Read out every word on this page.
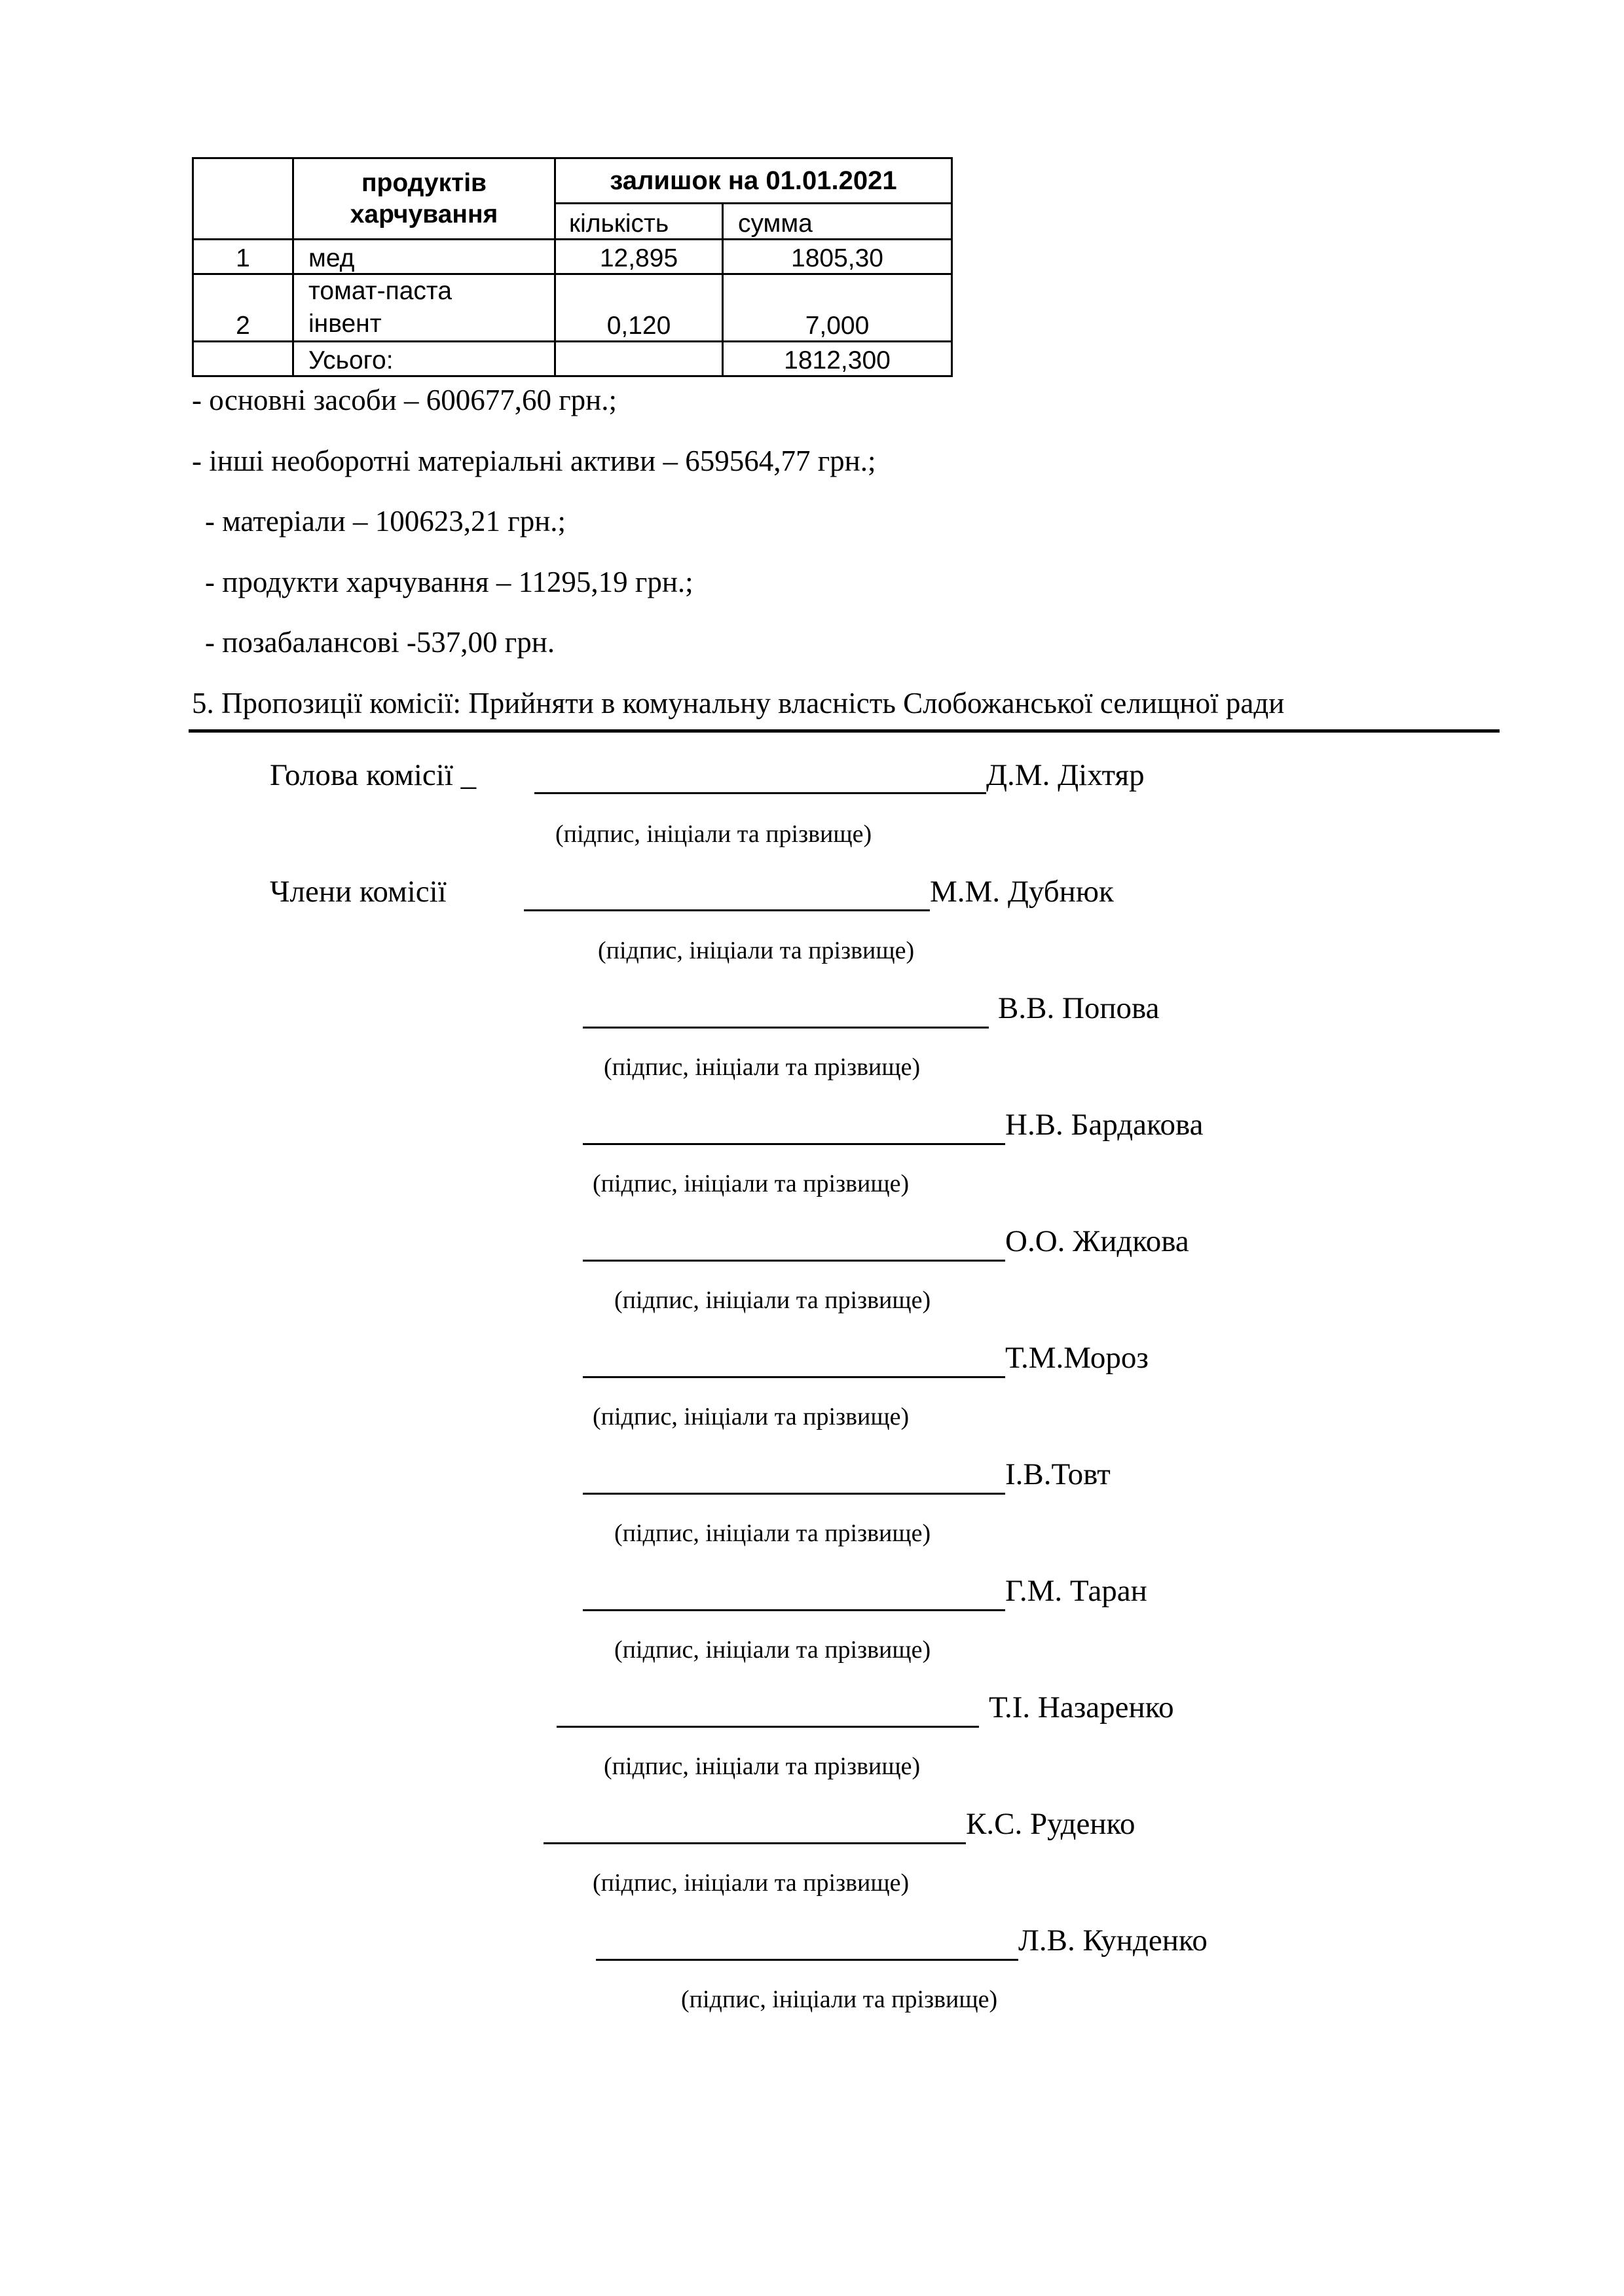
	продуктів харчування	залишок на 01.01.2021	
		кількість	сумма
1	мед	12,895	1805,30
2	томат-паста інвент	0,120	7,000
	Усього:		1812,300
- основні засоби – 600677,60 грн.;
- інші необоротні матеріальні активи – 659564,77 грн.;
- матеріали – 100623,21 грн.;
- продукти харчування – 11295,19 грн.;
- позабалансові -537,00 грн.
5. Пропозиції комісії: Прийняти в комунальну власність Слобожанської селищної ради
Голова комісії _	Д.М. Діхтяр
(підпис, ініціали та прізвище)
Члени комісії	М.М. Дубнюк
(підпис, ініціали та прізвище)
В.В. Попова
(підпис, ініціали та прізвище)
Н.В. Бардакова
(підпис, ініціали та прізвище)
О.О. Жидкова
(підпис, ініціали та прізвище)
Т.М.Мороз
(підпис, ініціали та прізвище)
І.В.Товт
(підпис, ініціали та прізвище)
Г.М. Таран
(підпис, ініціали та прізвище)
Т.І. Назаренко
(підпис, ініціали та прізвище)
К.С. Руденко
(підпис, ініціали та прізвище)
Л.В. Кунденко
(підпис, ініціали та прізвище)
